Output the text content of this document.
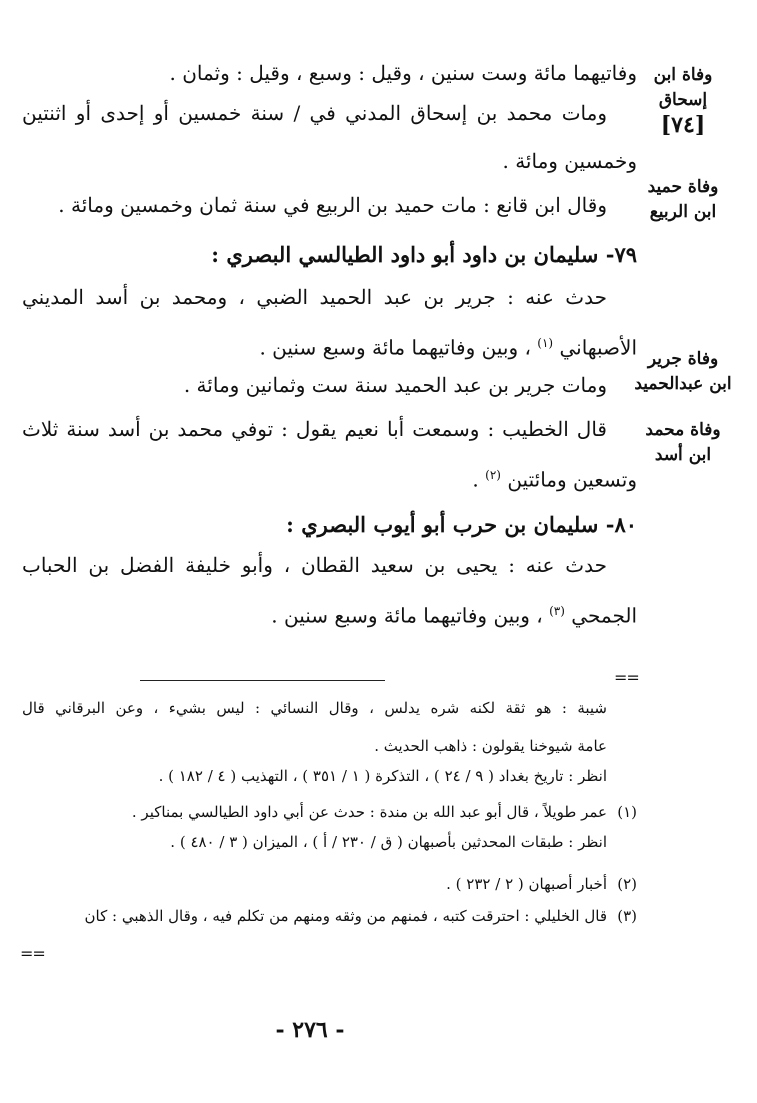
وفاة ابن
إسحاق
[٧٤]
وفاة حميد
ابن الربيع
وفاة جرير
ابن عبدالحميد
وفاة محمد
ابن أسد
وفاتيهما مائة وست سنين ، وقيل : وسبع ، وقيل : وثمان .
ومات محمد بن إسحاق المدني في / سنة خمسين أو إحدى أو اثنتين
وخمسين ومائة .
وقال ابن قانع : مات حميد بن الربيع في سنة ثمان وخمسين ومائة .
٧٩- سليمان بن داود أبو داود الطيالسي البصري :
حدث عنه : جرير بن عبد الحميد الضبي ، ومحمد بن أسد المديني
الأصبهاني $^{(١)}$ ، وبين وفاتيهما مائة وسبع سنين .
ومات جرير بن عبد الحميد سنة ست وثمانين ومائة .
قال الخطيب : وسمعت أبا نعيم يقول : توفي محمد بن أسد سنة ثلاث
وتسعين ومائتين $^{(٢)}$ .
٨٠- سليمان بن حرب أبو أيوب البصري :
حدث عنه : يحيى بن سعيد القطان ، وأبو خليفة الفضل بن الحباب
الجمحي $^{(٣)}$ ، وبين وفاتيهما مائة وسبع سنين .
==
شيبة : هو ثقة لكنه شره يدلس ، وقال النسائي : ليس بشيء ، وعن البرقاني قال
عامة شيوخنا يقولون : ذاهب الحديث .
انظر : تاريخ بغداد ( ٩ / ٢٤ ) ، التذكرة ( ١ / ٣٥١ ) ، التهذيب ( ٤ / ١٨٢ ) .
(١)عمر طويلاً ، قال أبو عبد الله بن مندة : حدث عن أبي داود الطيالسي بمناكير .
انظر : طبقات المحدثين بأصبهان ( ق / ٢٣٠ / أ ) ، الميزان ( ٣ / ٤٨٠ ) .
(٢)أخبار أصبهان ( ٢ / ٢٣٢ ) .
(٣)قال الخليلي : احترقت كتبه ، فمنهم من وثقه ومنهم من تكلم فيه ، وقال الذهبي : كان
==
- ٢٧٦ -
